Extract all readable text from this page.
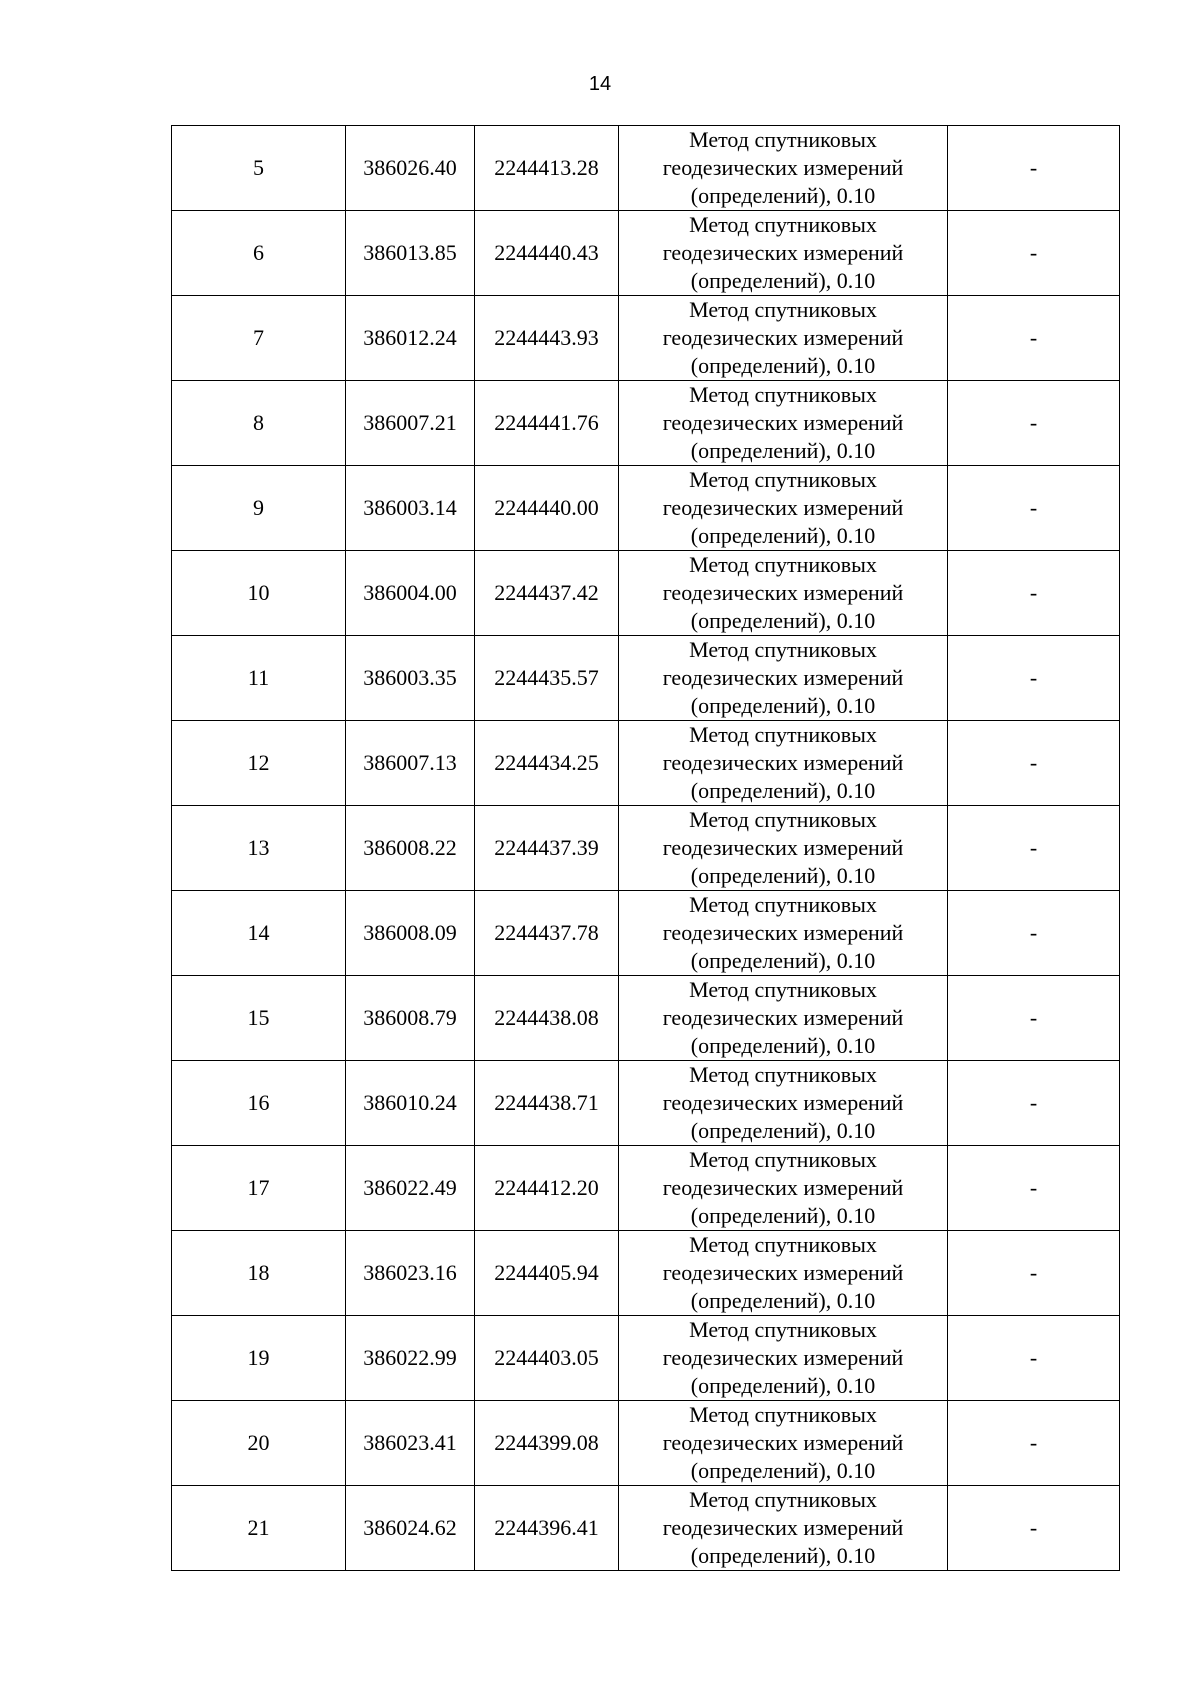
14
5	386026.40	2244413.28	Метод спутниковых
геодезических измерений
(определений), 0.10	-
6	386013.85	2244440.43	Метод спутниковых
геодезических измерений
(определений), 0.10	-
7	386012.24	2244443.93	Метод спутниковых
геодезических измерений
(определений), 0.10	-
8	386007.21	2244441.76	Метод спутниковых
геодезических измерений
(определений), 0.10	-
9	386003.14	2244440.00	Метод спутниковых
геодезических измерений
(определений), 0.10	-
10	386004.00	2244437.42	Метод спутниковых
геодезических измерений
(определений), 0.10	-
11	386003.35	2244435.57	Метод спутниковых
геодезических измерений
(определений), 0.10	-
12	386007.13	2244434.25	Метод спутниковых
геодезических измерений
(определений), 0.10	-
13	386008.22	2244437.39	Метод спутниковых
геодезических измерений
(определений), 0.10	-
14	386008.09	2244437.78	Метод спутниковых
геодезических измерений
(определений), 0.10	-
15	386008.79	2244438.08	Метод спутниковых
геодезических измерений
(определений), 0.10	-
16	386010.24	2244438.71	Метод спутниковых
геодезических измерений
(определений), 0.10	-
17	386022.49	2244412.20	Метод спутниковых
геодезических измерений
(определений), 0.10	-
18	386023.16	2244405.94	Метод спутниковых
геодезических измерений
(определений), 0.10	-
19	386022.99	2244403.05	Метод спутниковых
геодезических измерений
(определений), 0.10	-
20	386023.41	2244399.08	Метод спутниковых
геодезических измерений
(определений), 0.10	-
21	386024.62	2244396.41	Метод спутниковых
геодезических измерений
(определений), 0.10	-
